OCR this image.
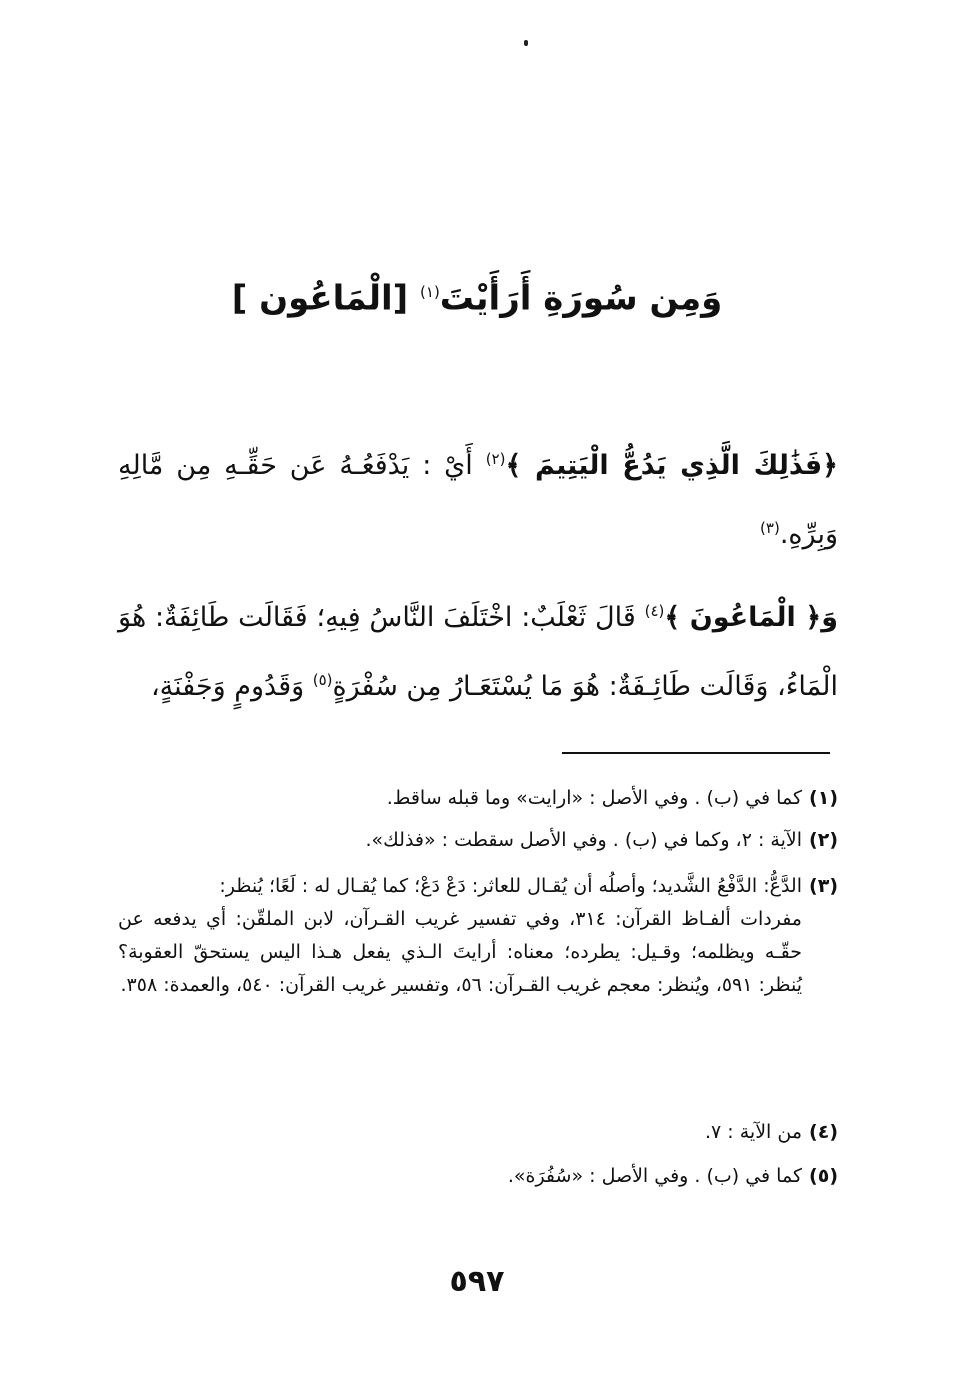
وَمِن سُورَةِ أَرَأَيْتَ$^{(١)}$ [الْمَاعُون ]
﴿فَذَٰلِكَ الَّذِي يَدُعُّ الْيَتِيمَ ﴾$^{(٢)}$ أَيْ : يَدْفَعُـهُ عَن حَقِّـهِ مِن مَّالِهِ وَبِرِّهِ.$^{(٣)}$
وَ﴿ الْمَاعُونَ ﴾$^{(٤)}$ قَالَ ثَعْلَبٌ: اخْتَلَفَ النَّاسُ فِيهِ؛ فَقَالَت طَائِفَةٌ: هُوَ الْمَاءُ، وَقَالَت طَائِـفَةٌ: هُوَ مَا يُسْتَعَـارُ مِن سُفْرَةٍ$^{(٥)}$ وَقَدُومٍ وَجَفْنَةٍ،
(١)كما في (ب) . وفي الأصل : «ارايت» وما قبله ساقط.
(٢)الآية : ٢، وكما في (ب) . وفي الأصل سقطت : «فذلك».
(٣)الدَّعُّ: الدَّفْعُ الشَّديد؛ وأصلُه أن يُقـال للعاثر: دَعْ دَعْ؛ كما يُقـال له : لَعًا؛ يُنظر:
مفردات ألفـاظ القرآن: ٣١٤، وفي تفسير غريب القـرآن، لابن الملقّن: أي يدفعه عن حقّـه ويظلمه؛ وقـيل: يطرده؛ معناه: أرايتَ الـذي يفعل هـذا اليس يستحقّ العقوبة؟ يُنظر: ٥٩١، ويُنظر: معجم غريب القـرآن: ٥٦، وتفسير غريب القرآن: ٥٤٠، والعمدة: ٣٥٨.
(٤)من الآية : ٧.
(٥)كما في (ب) . وفي الأصل : «سُفُرَة».
٥٩٧
